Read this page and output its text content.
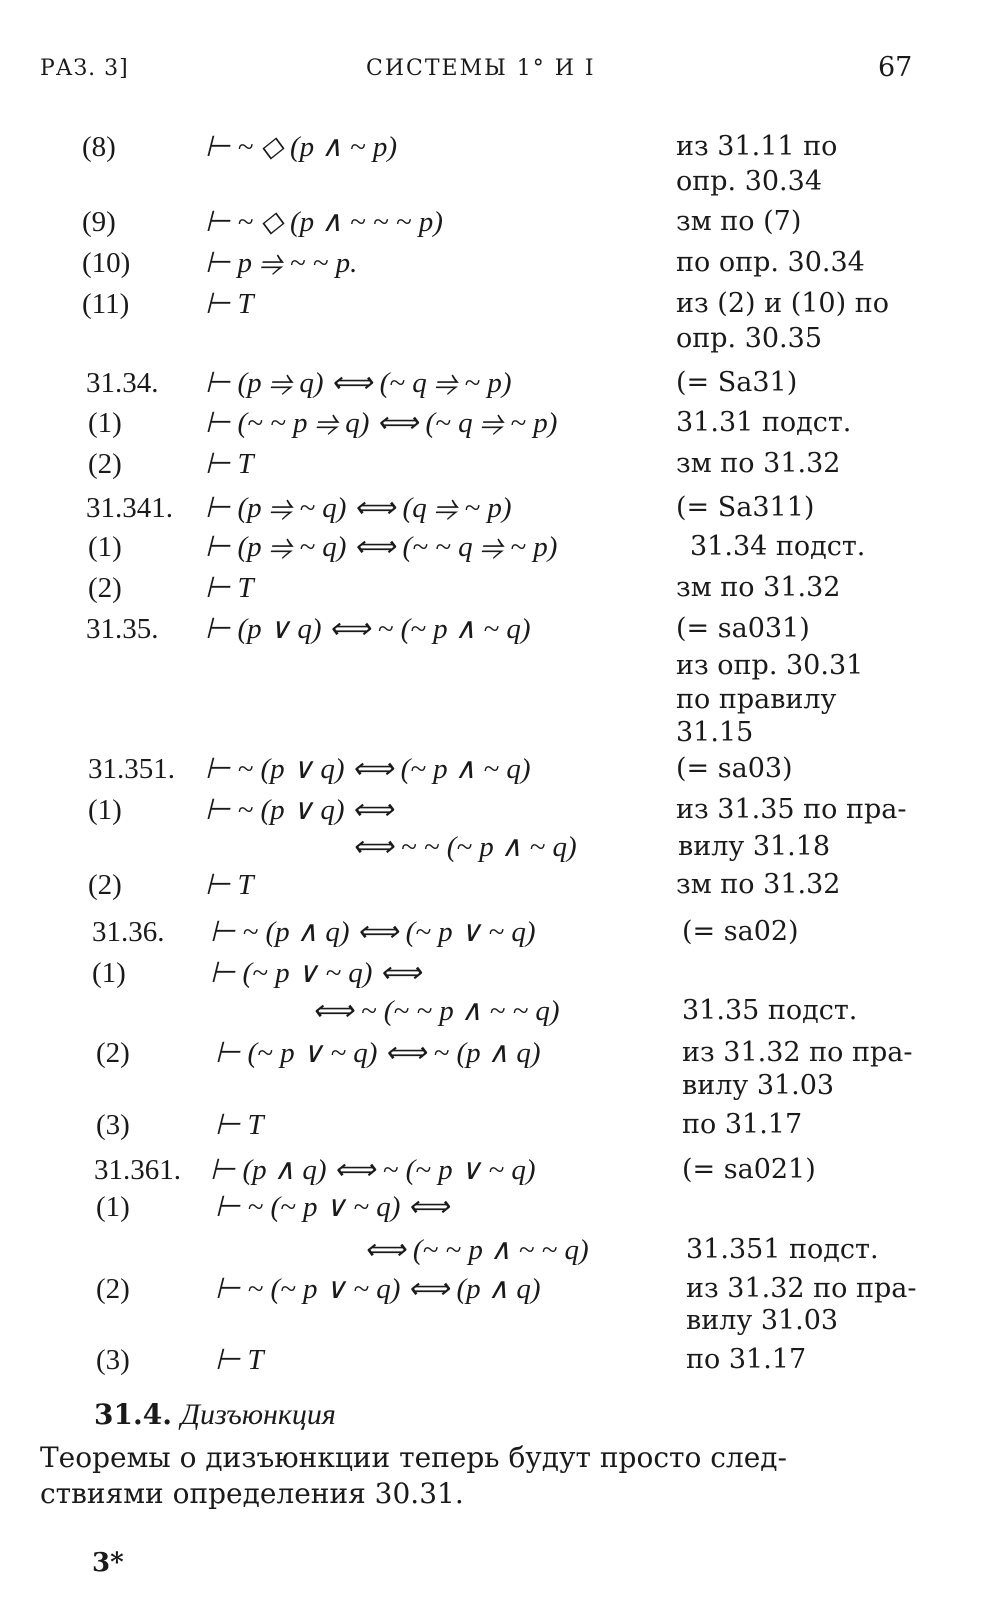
РАЗ. 3]	СИСТЕМЫ 1° И I	67
(8)	⊢ ~ ◇ (p ∧ ~ p)	из 31.11 по
опр. 30.34
(9)	⊢ ~ ◇ (p ∧ ~ ~ ~ p)	зм по (7)
(10)	⊢ p ⥤ ~ ~ p.	по опр. 30.34
(11)	⊢ T	из (2) и (10) по
опр. 30.35
31.34. ⊢ (p ⥤ q) ⟺ (~ q ⥤ ~ p)	(= Sa31)
(1)	⊢ (~ ~ p ⥤ q) ⟺ (~ q ⥤ ~ p)	31.31 подст.
(2)	⊢ T	зм по 31.32
31.341. ⊢ (p ⥤ ~ q) ⟺ (q ⥤ ~ p)	(= Sa311)
(1)	⊢ (p ⥤ ~ q) ⟺ (~ ~ q ⥤ ~ p)	31.34 подст.
(2)	⊢ T	зм по 31.32
31.35. ⊢ (p ∨ q) ⟺ ~ (~ p ∧ ~ q)	(= sa031)
из опр. 30.31
по правилу
31.15
31.351. ⊢ ~ (p ∨ q) ⟺ (~ p ∧ ~ q)	(= sa03)
(1)	⊢ ~ (p ∨ q) ⟺	из 31.35 по пра-
⟺ ~ ~ (~ p ∧ ~ q)	вилу 31.18
(2)	⊢ T	зм по 31.32
31.36. ⊢ ~ (p ∧ q) ⟺ (~ p ∨ ~ q)	(= sa02)
(1)	⊢ (~ p ∨ ~ q) ⟺
⟺ ~ (~ ~ p ∧ ~ ~ q)	31.35 подст.
(2)	⊢ (~ p ∨ ~ q) ⟺ ~ (p ∧ q)	из 31.32 по пра-
вилу 31.03
(3)	⊢ T	по 31.17
31.361. ⊢ (p ∧ q) ⟺ ~ (~ p ∨ ~ q)	(= sa021)
(1)	⊢ ~ (~ p ∨ ~ q) ⟺
⟺ (~ ~ p ∧ ~ ~ q)	31.351 подст.
(2)	⊢ ~ (~ p ∨ ~ q) ⟺ (p ∧ q)	из 31.32 по пра-
вилу 31.03
(3)	⊢ T	по 31.17
31.4. Дизъюнкция
Теоремы о дизъюнкции теперь будут просто след-
ствиями определения 30.31.
3*
